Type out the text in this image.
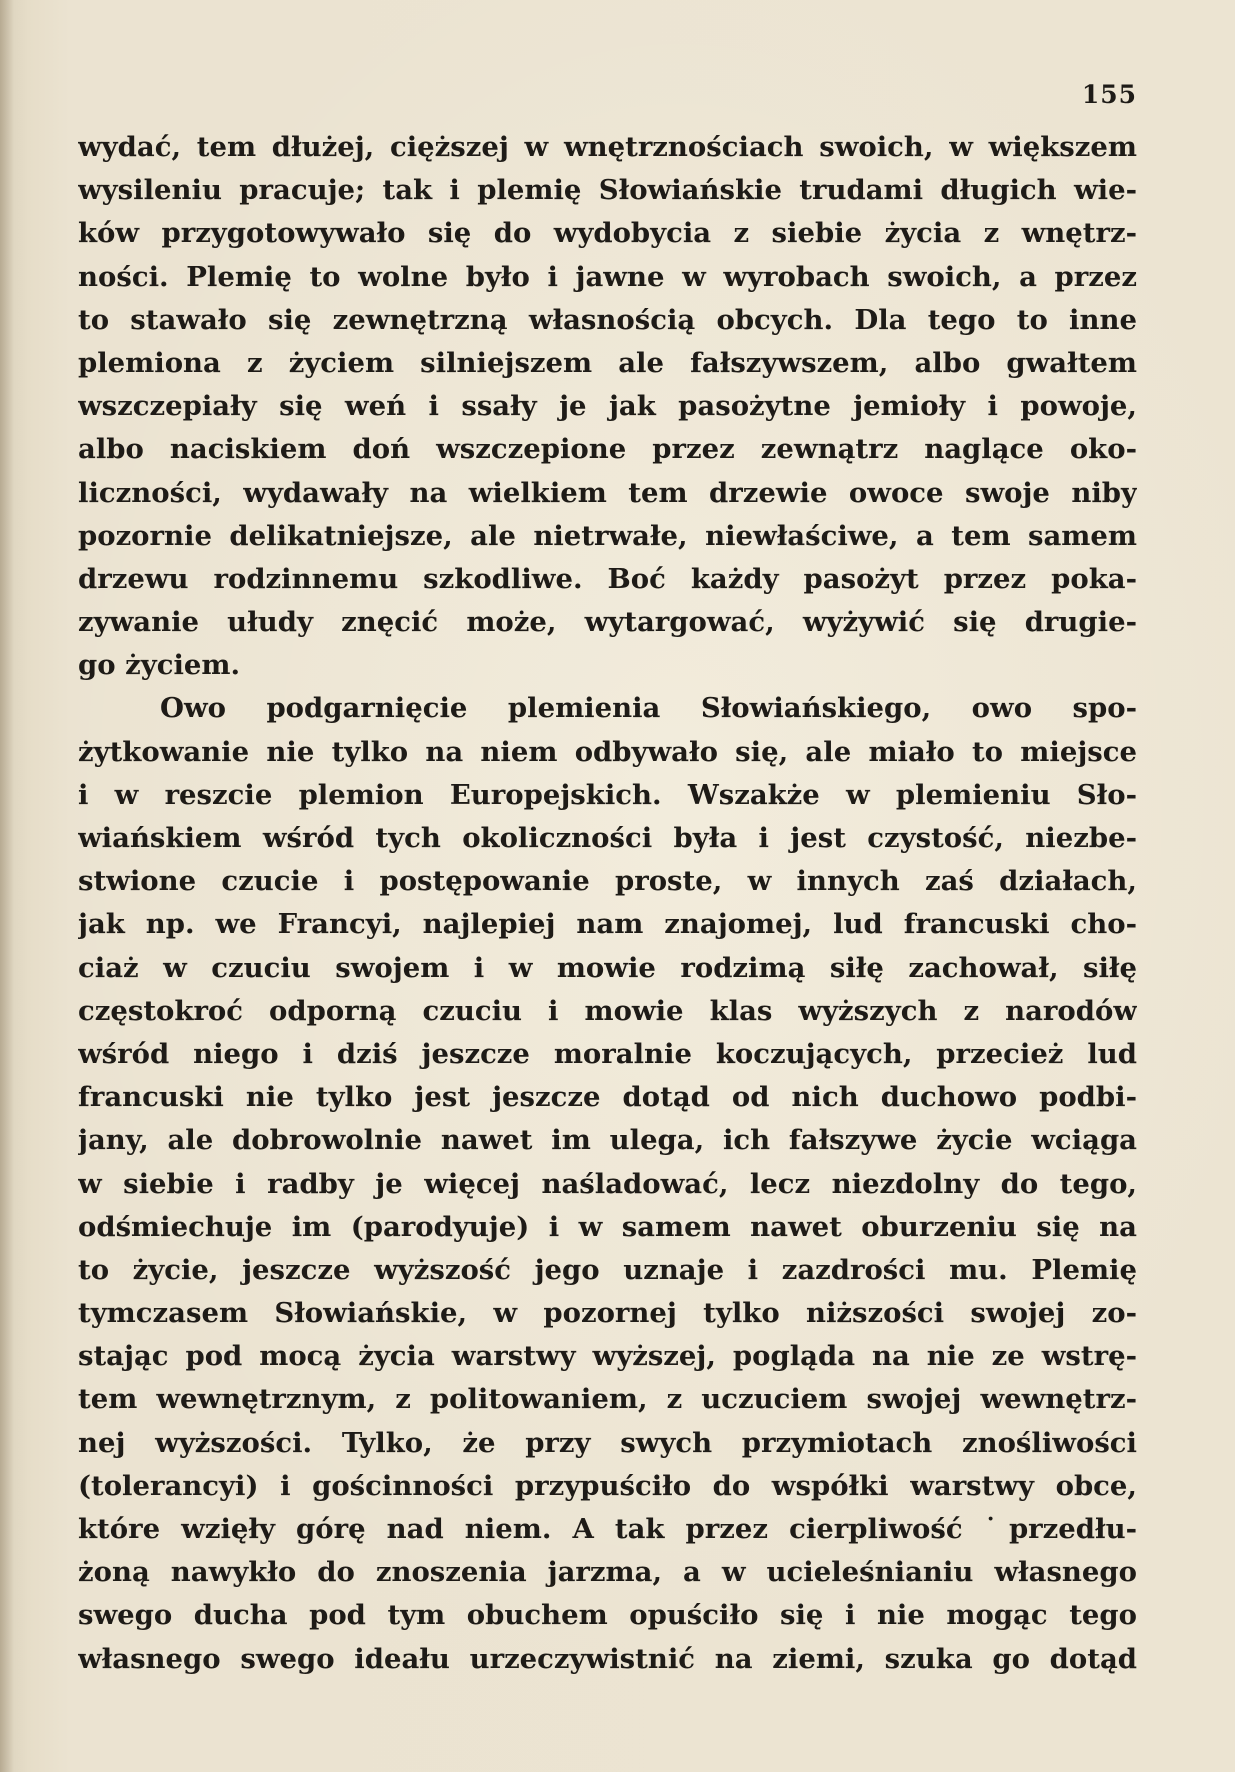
155
wydać, tem dłużej, cięższej w wnętrznościach swoich, w większem
wysileniu pracuje; tak i plemię Słowiańskie trudami długich wie-
ków przygotowywało się do wydobycia z siebie życia z wnętrz-
ności. Plemię to wolne było i jawne w wyrobach swoich, a przez
to stawało się zewnętrzną własnością obcych. Dla tego to inne
plemiona z życiem silniejszem ale fałszywszem, albo gwałtem
wszczepiały się weń i ssały je jak pasożytne jemioły i powoje,
albo naciskiem doń wszczepione przez zewnątrz naglące oko-
liczności, wydawały na wielkiem tem drzewie owoce swoje niby
pozornie delikatniejsze, ale nietrwałe, niewłaściwe, a tem samem
drzewu rodzinnemu szkodliwe. Boć każdy pasożyt przez poka-
zywanie ułudy znęcić może, wytargować, wyżywić się drugie-
go życiem.
Owo podgarnięcie plemienia Słowiańskiego, owo spo-
żytkowanie nie tylko na niem odbywało się, ale miało to miejsce
i w reszcie plemion Europejskich. Wszakże w plemieniu Sło-
wiańskiem wśród tych okoliczności była i jest czystość, niezbe-
stwione czucie i postępowanie proste, w innych zaś działach,
jak np. we Francyi, najlepiej nam znajomej, lud francuski cho-
ciaż w czuciu swojem i w mowie rodzimą siłę zachował, siłę
częstokroć odporną czuciu i mowie klas wyższych z narodów
wśród niego i dziś jeszcze moralnie koczujących, przecież lud
francuski nie tylko jest jeszcze dotąd od nich duchowo podbi-
jany, ale dobrowolnie nawet im ulega, ich fałszywe życie wciąga
w siebie i radby je więcej naśladować, lecz niezdolny do tego,
odśmiechuje im (parodyuje) i w samem nawet oburzeniu się na
to życie, jeszcze wyższość jego uznaje i zazdrości mu. Plemię
tymczasem Słowiańskie, w pozornej tylko niższości swojej zo-
stając pod mocą życia warstwy wyższej, pogląda na nie ze wstrę-
tem wewnętrznym, z politowaniem, z uczuciem swojej wewnętrz-
nej wyższości. Tylko, że przy swych przymiotach znośliwości
(tolerancyi) i gościnności przypuściło do współki warstwy obce,
które wzięły górę nad niem. A tak przez cierpliwość ˙przedłu-
żoną nawykło do znoszenia jarzma, a w ucieleśnianiu własnego
swego ducha pod tym obuchem opuściło się i nie mogąc tego
własnego swego ideału urzeczywistnić na ziemi, szuka go dotąd
